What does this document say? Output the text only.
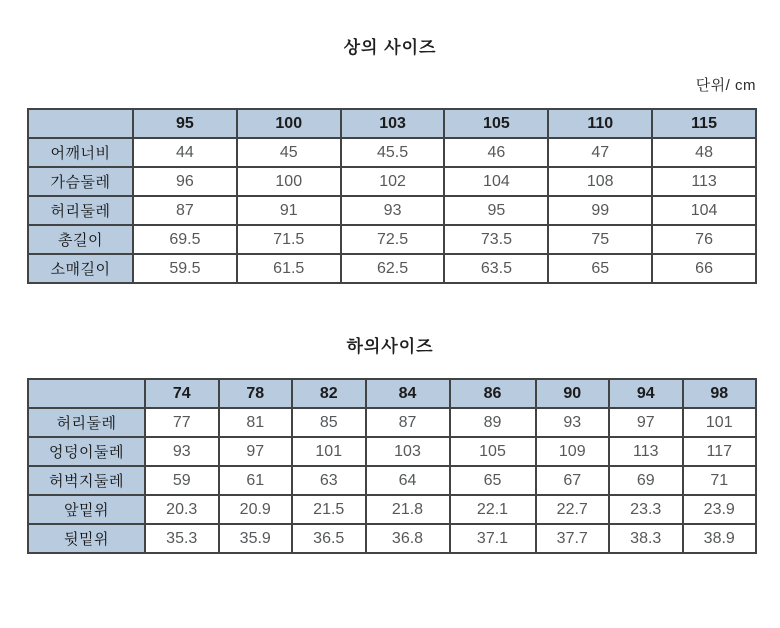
상의 사이즈
단위/ cm
	95	100	103	105	110	115
어깨너비	44	45	45.5	46	47	48
가슴둘레	96	100	102	104	108	113
허리둘레	87	91	93	95	99	104
총길이	69.5	71.5	72.5	73.5	75	76
소매길이	59.5	61.5	62.5	63.5	65	66
하의사이즈
	74	78	82	84	86	90	94	98
허리둘레	77	81	85	87	89	93	97	101
엉덩이둘레	93	97	101	103	105	109	113	117
허벅지둘레	59	61	63	64	65	67	69	71
앞밑위	20.3	20.9	21.5	21.8	22.1	22.7	23.3	23.9
뒷밑위	35.3	35.9	36.5	36.8	37.1	37.7	38.3	38.9
